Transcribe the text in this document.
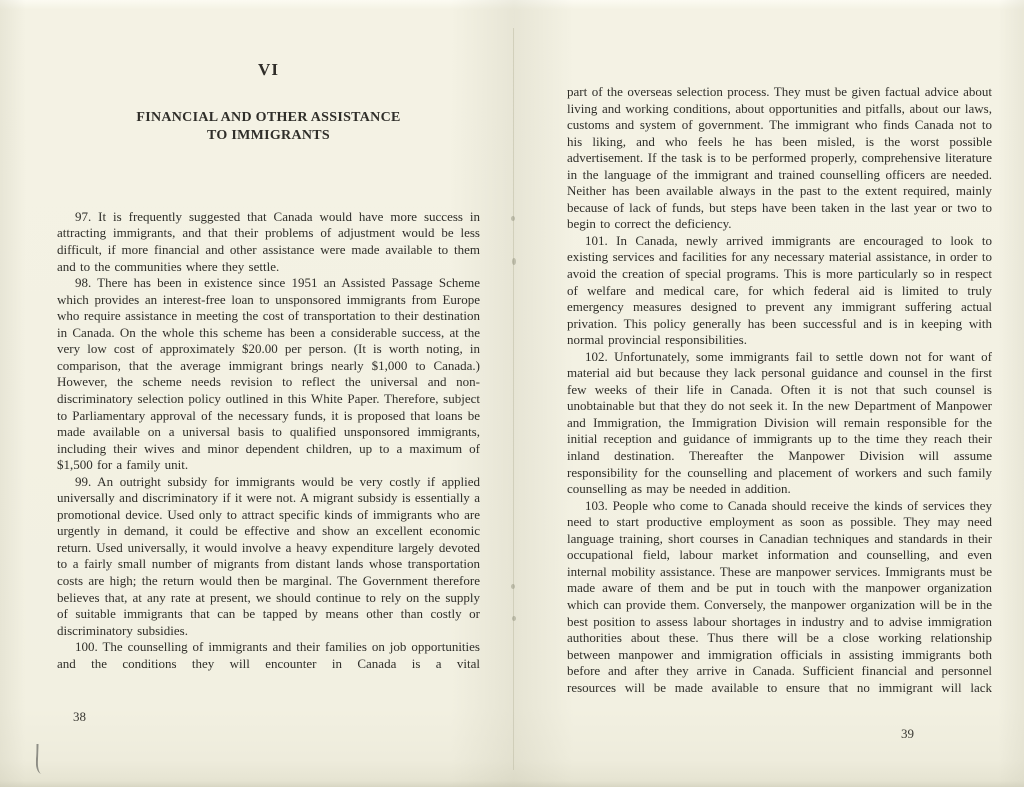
VI
FINANCIAL AND OTHER ASSISTANCE
TO IMMIGRANTS

97. It is frequently suggested that Canada would have more success in attracting immigrants, and that their problems of adjustment would be less difficult, if more financial and other assistance were made available to them and to the communities where they settle.

98. There has been in existence since 1951 an Assisted Passage Scheme which provides an interest-free loan to unsponsored immigrants from Europe who require assistance in meeting the cost of transportation to their destination in Canada. On the whole this scheme has been a considerable success, at the very low cost of approximately $20.00 per person. (It is worth noting, in comparison, that the average immigrant brings nearly $1,000 to Canada.) However, the scheme needs revision to reflect the universal and non-discriminatory selection policy outlined in this White Paper. Therefore, subject to Parliamentary approval of the necessary funds, it is proposed that loans be made available on a universal basis to qualified unsponsored immigrants, including their wives and minor dependent children, up to a maximum of $1,500 for a family unit.

99. An outright subsidy for immigrants would be very costly if applied universally and discriminatory if it were not. A migrant subsidy is essentially a promotional device. Used only to attract specific kinds of immigrants who are urgently in demand, it could be effective and show an excellent economic return. Used universally, it would involve a heavy expenditure largely devoted to a fairly small number of migrants from distant lands whose transportation costs are high; the return would then be marginal. The Government therefore believes that, at any rate at present, we should continue to rely on the supply of suitable immigrants that can be tapped by means other than costly or discriminatory subsidies.

100. The counselling of immigrants and their families on job opportunities and the conditions they will encounter in Canada is a vital

part of the overseas selection process. They must be given factual advice about living and working conditions, about opportunities and pitfalls, about our laws, customs and system of government. The immigrant who finds Canada not to his liking, and who feels he has been misled, is the worst possible advertisement. If the task is to be performed properly, comprehensive literature in the language of the immigrant and trained counselling officers are needed. Neither has been available always in the past to the extent required, mainly because of lack of funds, but steps have been taken in the last year or two to begin to correct the deficiency.

101. In Canada, newly arrived immigrants are encouraged to look to existing services and facilities for any necessary material assistance, in order to avoid the creation of special programs. This is more particularly so in respect of welfare and medical care, for which federal aid is limited to truly emergency measures designed to prevent any immigrant suffering actual privation. This policy generally has been successful and is in keeping with normal provincial responsibilities.

102. Unfortunately, some immigrants fail to settle down not for want of material aid but because they lack personal guidance and counsel in the first few weeks of their life in Canada. Often it is not that such counsel is unobtainable but that they do not seek it. In the new Department of Manpower and Immigration, the Immigration Division will remain responsible for the initial reception and guidance of immigrants up to the time they reach their inland destination. Thereafter the Manpower Division will assume responsibility for the counselling and placement of workers and such family counselling as may be needed in addition.

103. People who come to Canada should receive the kinds of services they need to start productive employment as soon as possible. They may need language training, short courses in Canadian techniques and standards in their occupational field, labour market information and counselling, and even internal mobility assistance. These are manpower services. Immigrants must be made aware of them and be put in touch with the manpower organization which can provide them. Conversely, the manpower organization will be in the best position to assess labour shortages in industry and to advise immigration authorities about these. Thus there will be a close working relationship between manpower and immigration officials in assisting immigrants both before and after they arrive in Canada. Sufficient financial and personnel resources will be made available to ensure that no immigrant will lack

38
39
